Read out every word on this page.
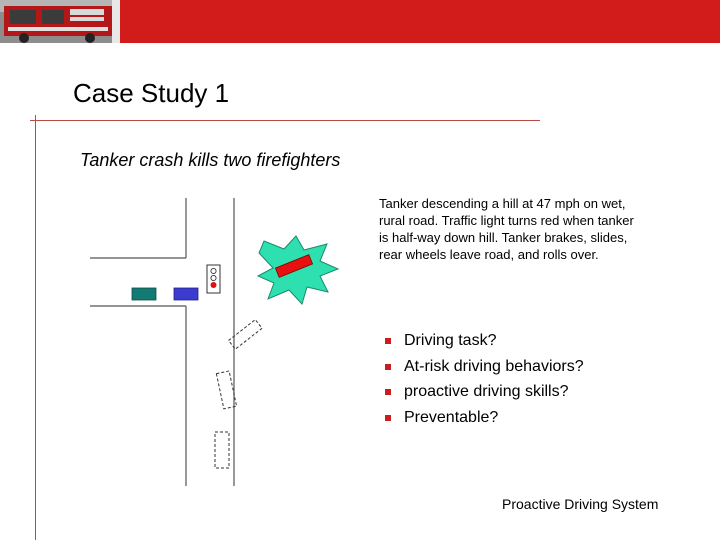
Case Study 1
Tanker crash kills two firefighters
Tanker descending a hill at 47 mph on wet, rural road. Traffic light turns red when tanker is half-way down hill. Tanker brakes, slides, rear wheels leave road, and rolls over.
Driving task?
At-risk driving behaviors?
proactive driving skills?
Preventable?
Proactive Driving System
